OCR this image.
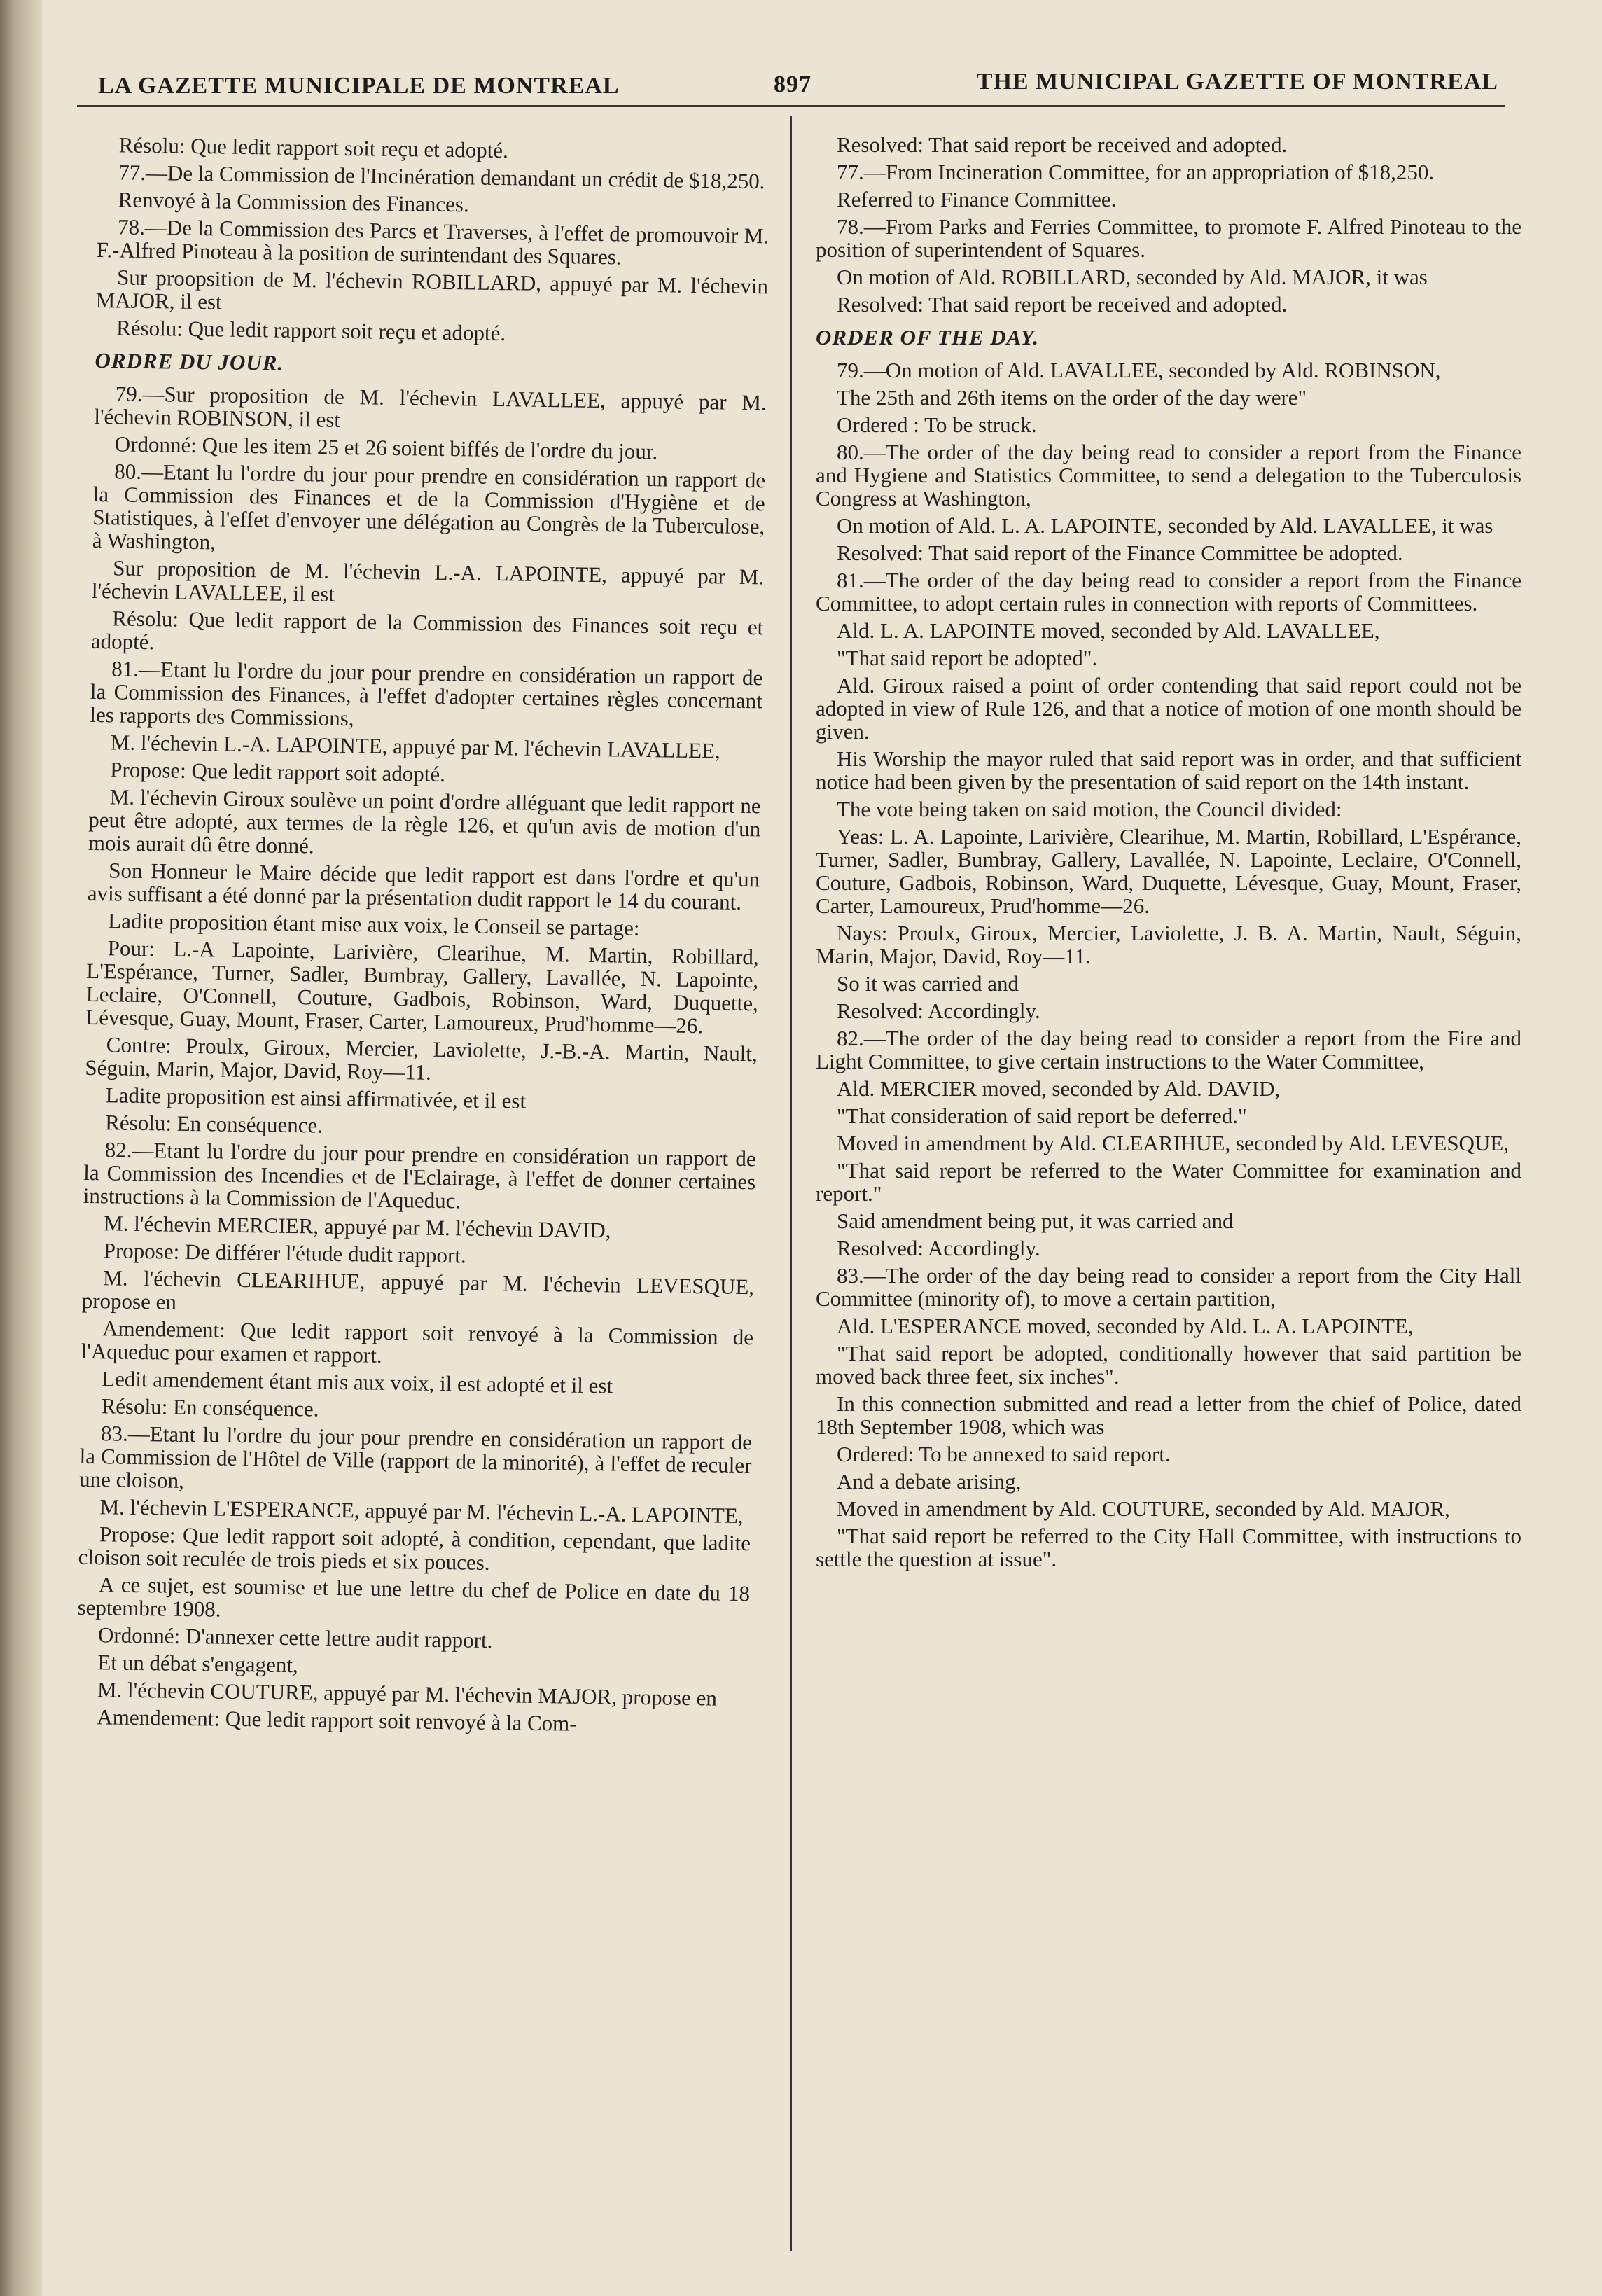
LA GAZETTE MUNICIPALE DE MONTREAL	897	THE MUNICIPAL GAZETTE OF MONTREAL

Résolu: Que ledit rapport soit reçu et adopté.

77.—De la Commission de l'Incinération demandant un crédit de $18,250.

Renvoyé à la Commission des Finances.

78.—De la Commission des Parcs et Traverses, à l'effet de promouvoir M. F.-Alfred Pinoteau à la position de surintendant des Squares.

Sur proopsition de M. l'échevin ROBILLARD, appuyé par M. l'échevin MAJOR, il est

Résolu: Que ledit rapport soit reçu et adopté.

ORDRE DU JOUR.

79.—Sur proposition de M. l'échevin LAVALLEE, appuyé par M. l'échevin ROBINSON, il est

Ordonné: Que les item 25 et 26 soient biffés de l'ordre du jour.

80.—Etant lu l'ordre du jour pour prendre en considération un rapport de la Commission des Finances et de la Commission d'Hygiène et de Statistiques, à l'effet d'envoyer une délégation au Congrès de la Tuberculose, à Washington,

Sur proposition de M. l'échevin L.-A. LAPOINTE, appuyé par M. l'échevin LAVALLEE, il est

Résolu: Que ledit rapport de la Commission des Finances soit reçu et adopté.

81.—Etant lu l'ordre du jour pour prendre en considération un rapport de la Commission des Finances, à l'effet d'adopter certaines règles concernant les rapports des Commissions,

M. l'échevin L.-A. LAPOINTE, appuyé par M. l'échevin LAVALLEE,

Propose: Que ledit rapport soit adopté.

M. l'échevin Giroux soulève un point d'ordre alléguant que ledit rapport ne peut être adopté, aux termes de la règle 126, et qu'un avis de motion d'un mois aurait dû être donné.

Son Honneur le Maire décide que ledit rapport est dans l'ordre et qu'un avis suffisant a été donné par la présentation dudit rapport le 14 du courant.

Ladite proposition étant mise aux voix, le Conseil se partage:

Pour: L.-A Lapointe, Larivière, Clearihue, M. Martin, Robillard, L'Espérance, Turner, Sadler, Bumbray, Gallery, Lavallée, N. Lapointe, Leclaire, O'Connell, Couture, Gadbois, Robinson, Ward, Duquette, Lévesque, Guay, Mount, Fraser, Carter, Lamoureux, Prud'homme—26.

Contre: Proulx, Giroux, Mercier, Laviolette, J.-B.-A. Martin, Nault, Séguin, Marin, Major, David, Roy—11.

Ladite proposition est ainsi affirmativée, et il est

Résolu: En conséquence.

82.—Etant lu l'ordre du jour pour prendre en considération un rapport de la Commission des Incendies et de l'Eclairage, à l'effet de donner certaines instructions à la Commission de l'Aqueduc.

M. l'échevin MERCIER, appuyé par M. l'échevin DAVID,

Propose: De différer l'étude dudit rapport.

M. l'échevin CLEARIHUE, appuyé par M. l'échevin LEVESQUE, propose en

Amendement: Que ledit rapport soit renvoyé à la Commission de l'Aqueduc pour examen et rapport.

Ledit amendement étant mis aux voix, il est adopté et il est

Résolu: En conséquence.

83.—Etant lu l'ordre du jour pour prendre en considération un rapport de la Commission de l'Hôtel de Ville (rapport de la minorité), à l'effet de reculer une cloison,

M. l'échevin L'ESPERANCE, appuyé par M. l'échevin L.-A. LAPOINTE,

Propose: Que ledit rapport soit adopté, à condition, cependant, que ladite cloison soit reculée de trois pieds et six pouces.

A ce sujet, est soumise et lue une lettre du chef de Police en date du 18 septembre 1908.

Ordonné: D'annexer cette lettre audit rapport.

Et un débat s'engagent,

M. l'échevin COUTURE, appuyé par M. l'échevin MAJOR, propose en

Amendement: Que ledit rapport soit renvoyé à la Com-

Resolved: That said report be received and adopted.

77.—From Incineration Committee, for an appropriation of $18,250.

Referred to Finance Committee.

78.—From Parks and Ferries Committee, to promote F. Alfred Pinoteau to the position of superintendent of Squares.

On motion of Ald. ROBILLARD, seconded by Ald. MAJOR, it was

Resolved: That said report be received and adopted.

ORDER OF THE DAY.

79.—On motion of Ald. LAVALLEE, seconded by Ald. ROBINSON,

The 25th and 26th items on the order of the day were"

Ordered : To be struck.

80.—The order of the day being read to consider a report from the Finance and Hygiene and Statistics Committee, to send a delegation to the Tuberculosis Congress at Washington,

On motion of Ald. L. A. LAPOINTE, seconded by Ald. LAVALLEE, it was

Resolved: That said report of the Finance Committee be adopted.

81.—The order of the day being read to consider a report from the Finance Committee, to adopt certain rules in connection with reports of Committees.

Ald. L. A. LAPOINTE moved, seconded by Ald. LAVALLEE,

"That said report be adopted".

Ald. Giroux raised a point of order contending that said report could not be adopted in view of Rule 126, and that a notice of motion of one month should be given.

His Worship the mayor ruled that said report was in order, and that sufficient notice had been given by the presentation of said report on the 14th instant.

The vote being taken on said motion, the Council divided:

Yeas: L. A. Lapointe, Larivière, Clearihue, M. Martin, Robillard, L'Espérance, Turner, Sadler, Bumbray, Gallery, Lavallée, N. Lapointe, Leclaire, O'Connell, Couture, Gadbois, Robinson, Ward, Duquette, Lévesque, Guay, Mount, Fraser, Carter, Lamoureux, Prud'homme—26.

Nays: Proulx, Giroux, Mercier, Laviolette, J. B. A. Martin, Nault, Séguin, Marin, Major, David, Roy—11.

So it was carried and

Resolved: Accordingly.

82.—The order of the day being read to consider a report from the Fire and Light Committee, to give certain instructions to the Water Committee,

Ald. MERCIER moved, seconded by Ald. DAVID,

"That consideration of said report be deferred."

Moved in amendment by Ald. CLEARIHUE, seconded by Ald. LEVESQUE,

"That said report be referred to the Water Committee for examination and report."

Said amendment being put, it was carried and

Resolved: Accordingly.

83.—The order of the day being read to consider a report from the City Hall Committee (minority of), to move a certain partition,

Ald. L'ESPERANCE moved, seconded by Ald. L. A. LAPOINTE,

"That said report be adopted, conditionally however that said partition be moved back three feet, six inches".

In this connection submitted and read a letter from the chief of Police, dated 18th September 1908, which was

Ordered: To be annexed to said report.

And a debate arising,

Moved in amendment by Ald. COUTURE, seconded by Ald. MAJOR,

"That said report be referred to the City Hall Committee, with instructions to settle the question at issue".
